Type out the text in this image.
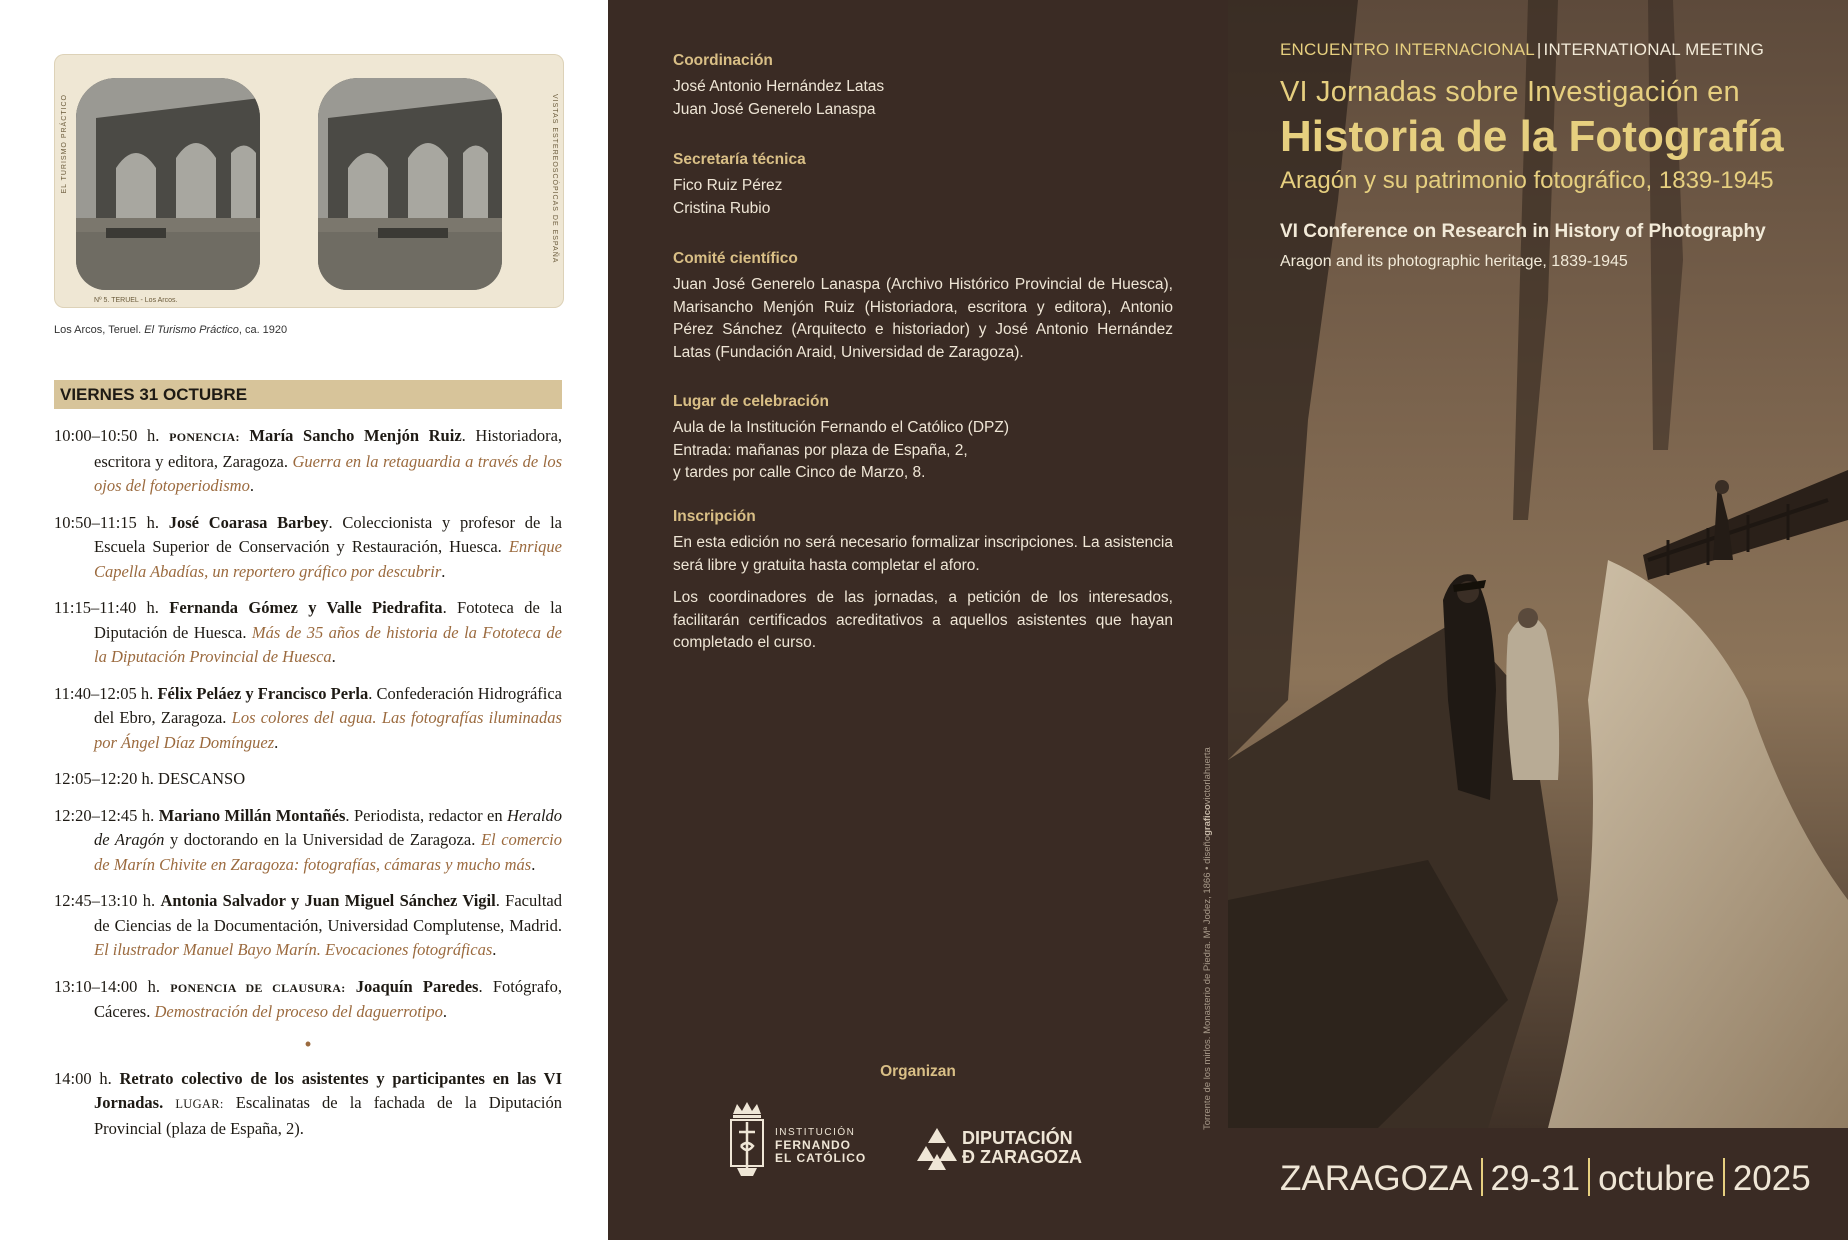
EL TURISMO PRÁCTICO	VISTAS ESTEREOSCÓPICAS DE ESPAÑA
Nº 5. TERUEL - Los Arcos.
Los Arcos, Teruel. El Turismo Práctico, ca. 1920
VIERNES 31 OCTUBRE
10:00–10:50 h. PONENCIA: María Sancho Menjón Ruiz. Historiadora, escritora y editora, Zaragoza. Guerra en la retaguardia a través de los ojos del fotoperiodismo.
10:50–11:15 h. José Coarasa Barbey. Coleccionista y profesor de la Escuela Superior de Conservación y Restauración, Huesca. Enrique Capella Abadías, un reportero gráfico por descubrir.
11:15–11:40 h. Fernanda Gómez y Valle Piedrafita. Fototeca de la Diputación de Huesca. Más de 35 años de historia de la Fototeca de la Diputación Provincial de Huesca.
11:40–12:05 h. Félix Peláez y Francisco Perla. Confederación Hidrográfica del Ebro, Zaragoza. Los colores del agua. Las fotografías iluminadas por Ángel Díaz Domínguez.
12:05–12:20 h. DESCANSO
12:20–12:45 h. Mariano Millán Montañés. Periodista, redactor en Heraldo de Aragón y doctorando en la Universidad de Zaragoza. El comercio de Marín Chivite en Zaragoza: fotografías, cámaras y mucho más.
12:45–13:10 h. Antonia Salvador y Juan Miguel Sánchez Vigil. Facultad de Ciencias de la Documentación, Universidad Complutense, Madrid. El ilustrador Manuel Bayo Marín. Evocaciones fotográficas.
13:10–14:00 h. PONENCIA DE CLAUSURA: Joaquín Paredes. Fotógrafo, Cáceres. Demostración del proceso del daguerrotipo.
•
14:00 h. Retrato colectivo de los asistentes y participantes en las VI Jornadas. LUGAR: Escalinatas de la fachada de la Diputación Provincial (plaza de España, 2).
Coordinación

José Antonio Hernández Latas
Juan José Generelo Lanaspa

Secretaría técnica

Fico Ruiz Pérez
Cristina Rubio

Comité científico

Juan José Generelo Lanaspa (Archivo Histórico Provincial de Huesca), Marisancho Menjón Ruiz (Historiadora, escritora y editora), Antonio Pérez Sánchez (Arquitecto e historiador) y José Antonio Hernández Latas (Fundación Araid, Universidad de Zaragoza).

Lugar de celebración

Aula de la Institución Fernando el Católico (DPZ)
Entrada: mañanas por plaza de España, 2,
y tardes por calle Cinco de Marzo, 8.

Inscripción

En esta edición no será necesario formalizar inscripciones. La asistencia será libre y gratuita hasta completar el aforo.

Los coordinadores de las jornadas, a petición de los interesados, facilitarán certificados acreditativos a aquellos asistentes que hayan completado el curso.

Organizan
INSTITUCIÓN
FERNANDO
EL CATÓLICO
DIPUTACIÓN
Ð ZARAGOZA
Torrente de los mirlos. Monasterio de Piedra. Mª Jodez, 1866 • diseñograficovictorlahuerta
ENCUENTRO INTERNACIONAL | INTERNATIONAL MEETING
VI Jornadas sobre Investigación en
Historia de la Fotografía
Aragón y su patrimonio fotográfico, 1839-1945
VI Conference on Research in History of Photography
Aragon and its photographic heritage, 1839-1945
ZARAGOZA 29-31 octubre 2025
